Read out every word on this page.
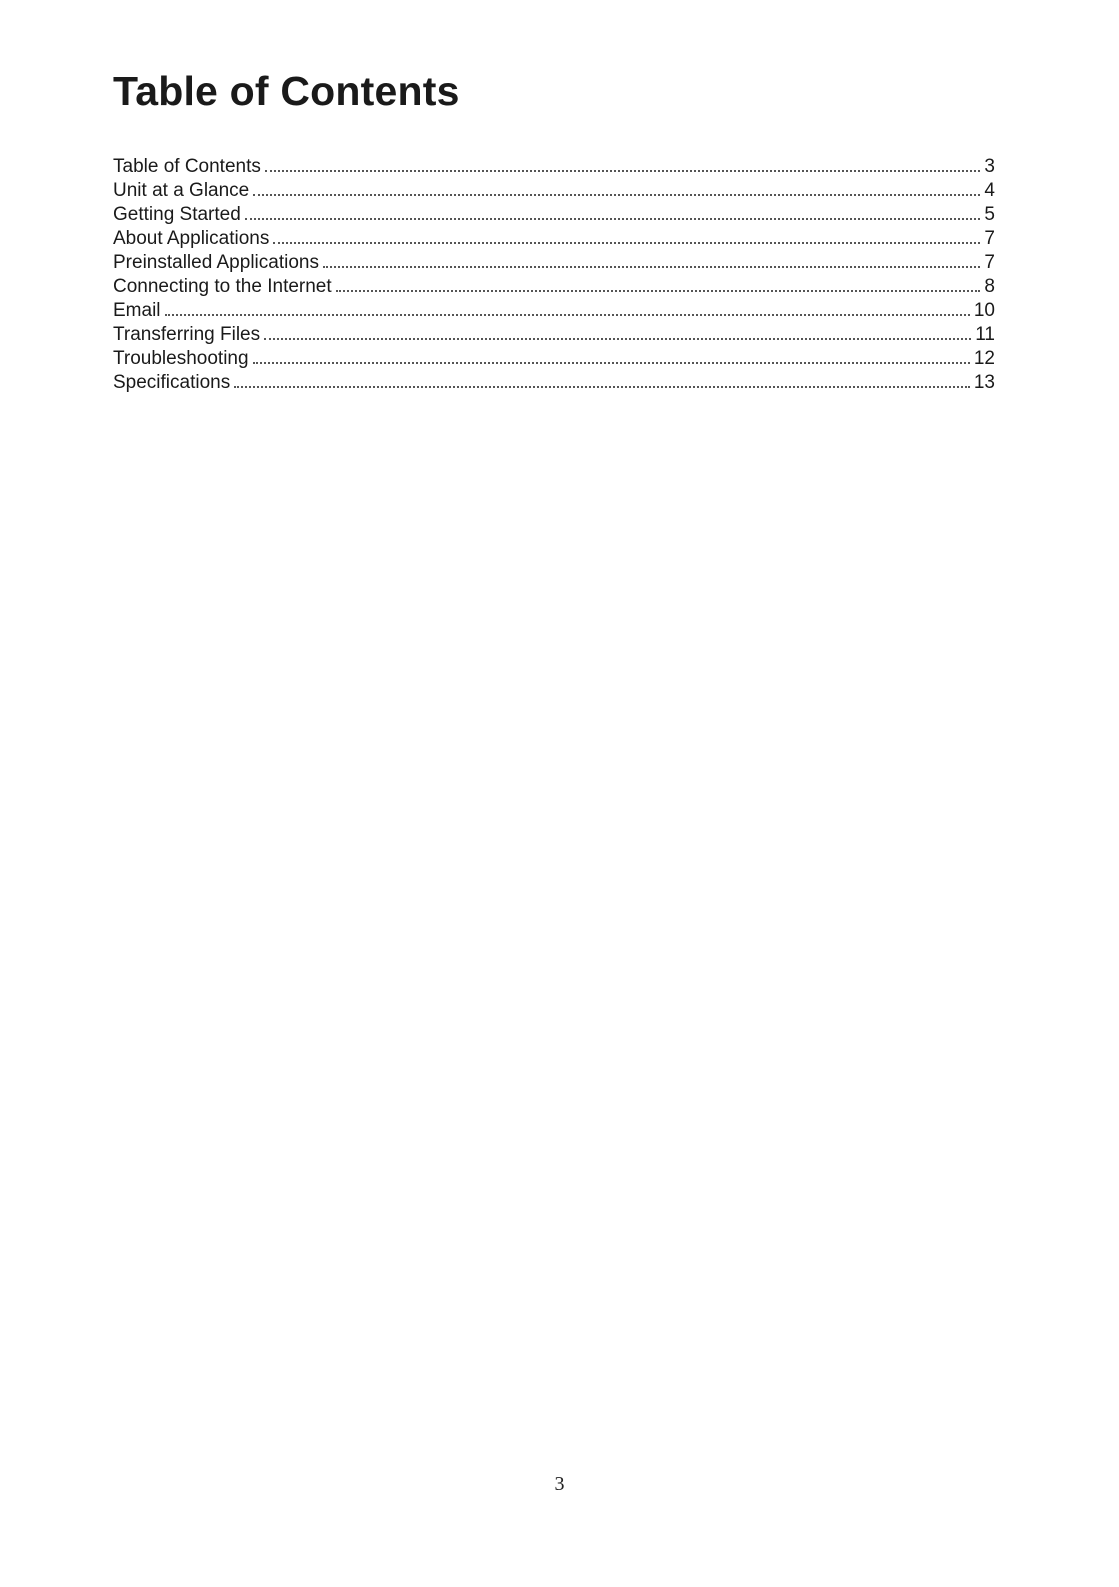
Table of Contents
Table of Contents	3
Unit at a Glance	4
Getting Started	5
About Applications	7
Preinstalled Applications	7
Connecting to the Internet	8
Email	10
Transferring Files	11
Troubleshooting	12
Specifications	13
3
